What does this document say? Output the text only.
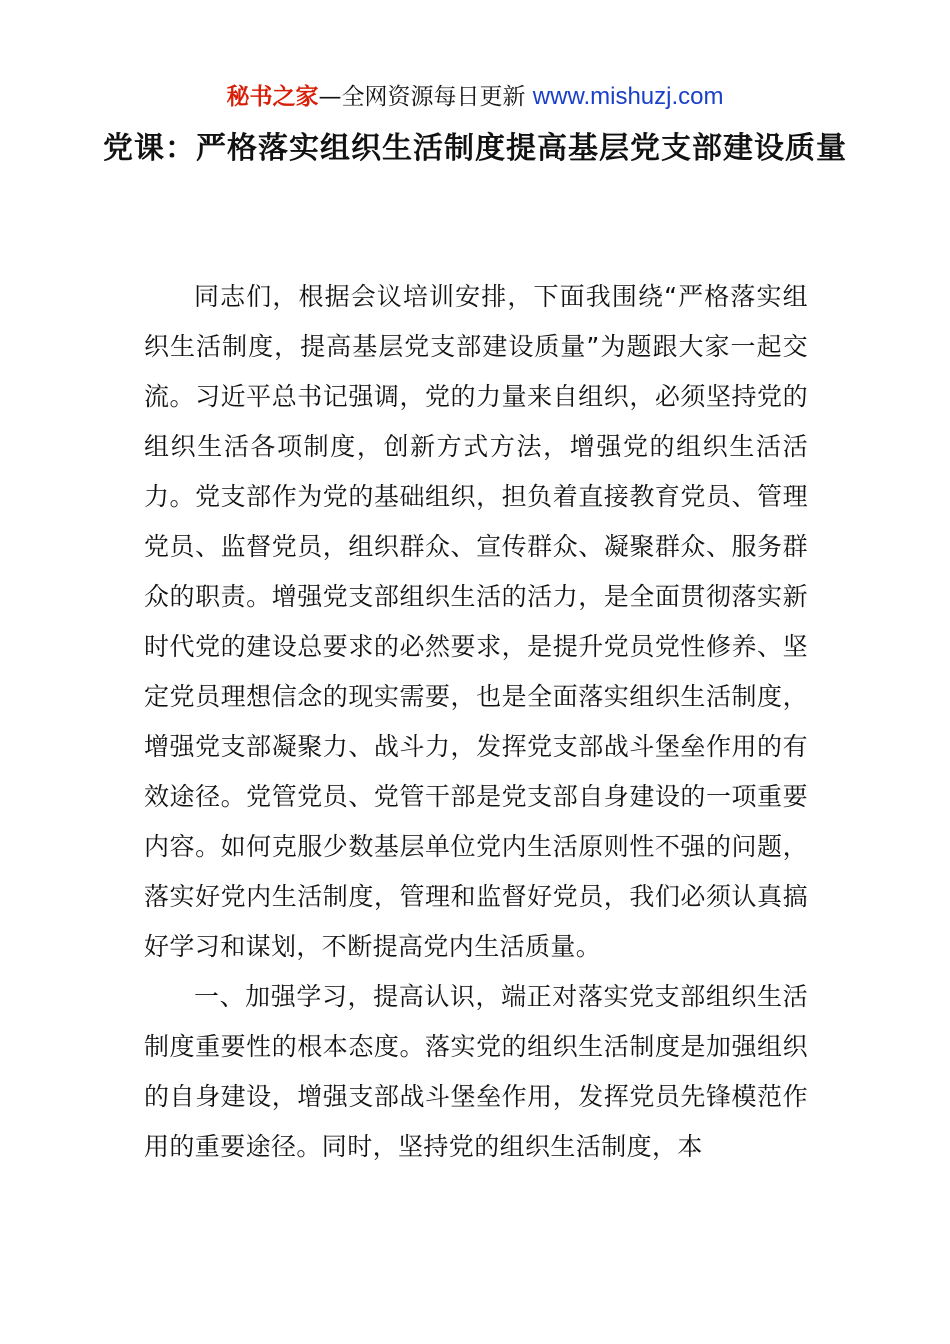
秘书之家—全网资源每日更新 www.mishuzj.com
党课：严格落实组织生活制度提高基层党支部建设质量

同志们，根据会议培训安排，下面我围绕“严格落实组织生活制度，提高基层党支部建设质量”为题跟大家一起交流。习近平总书记强调，党的力量来自组织，必须坚持党的组织生活各项制度，创新方式方法，增强党的组织生活活力。党支部作为党的基础组织，担负着直接教育党员、管理党员、监督党员，组织群众、宣传群众、凝聚群众、服务群众的职责。增强党支部组织生活的活力，是全面贯彻落实新时代党的建设总要求的必然要求，是提升党员党性修养、坚定党员理想信念的现实需要，也是全面落实组织生活制度，增强党支部凝聚力、战斗力，发挥党支部战斗堡垒作用的有效途径。党管党员、党管干部是党支部自身建设的一项重要内容。如何克服少数基层单位党内生活原则性不强的问题，落实好党内生活制度，管理和监督好党员，我们必须认真搞好学习和谋划，不断提高党内生活质量。

一、加强学习，提高认识，端正对落实党支部组织生活制度重要性的根本态度。落实党的组织生活制度是加强组织的自身建设，增强支部战斗堡垒作用，发挥党员先锋模范作用的重要途径。同时，坚持党的组织生活制度，本
